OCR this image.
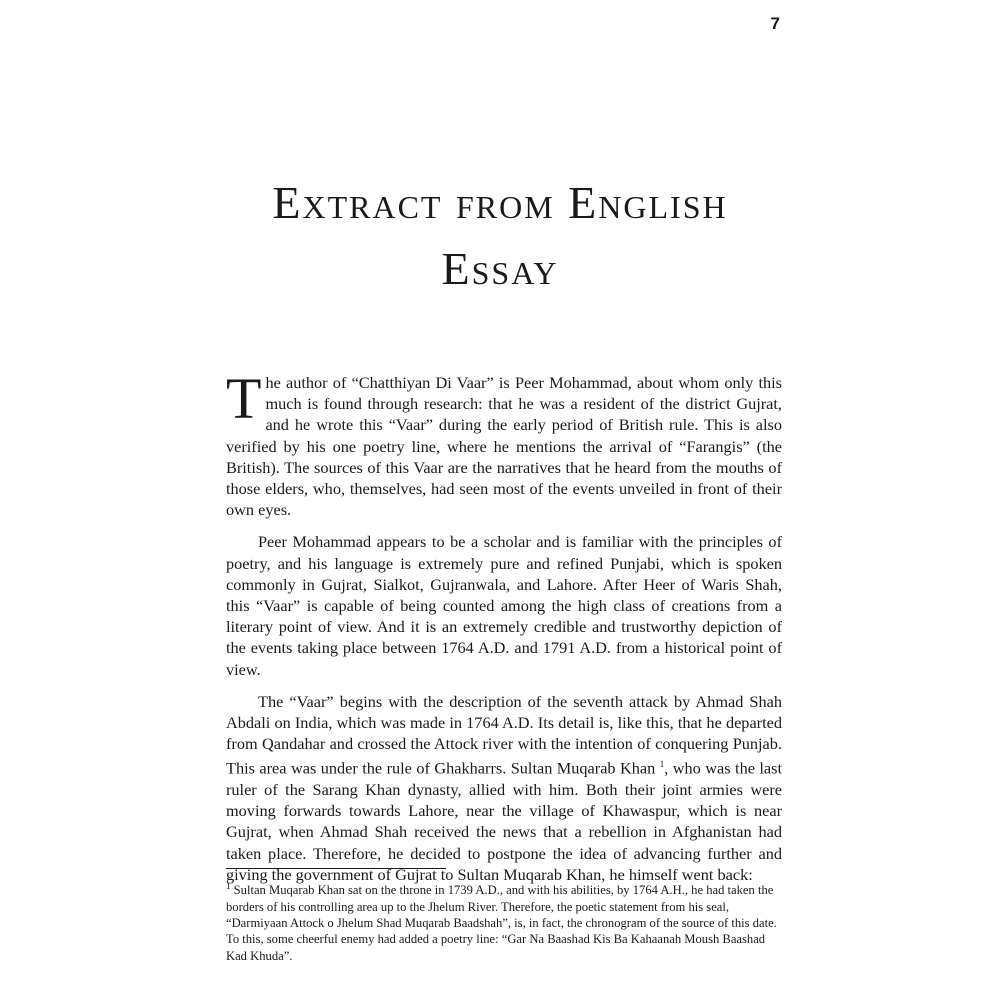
7
Extract from English
Essay

The author of “Chatthiyan Di Vaar” is Peer Mohammad, about whom only this much is found through research: that he was a resident of the district Gujrat, and he wrote this “Vaar” during the early period of British rule. This is also verified by his one poetry line, where he mentions the arrival of “Farangis” (the British). The sources of this Vaar are the narratives that he heard from the mouths of those elders, who, themselves, had seen most of the events unveiled in front of their own eyes.

Peer Mohammad appears to be a scholar and is familiar with the principles of poetry, and his language is extremely pure and refined Punjabi, which is spoken commonly in Gujrat, Sialkot, Gujranwala, and Lahore. After Heer of Waris Shah, this “Vaar” is capable of being counted among the high class of creations from a literary point of view. And it is an extremely credible and trustworthy depiction of the events taking place between 1764 A.D. and 1791 A.D. from a historical point of view.

The “Vaar” begins with the description of the seventh attack by Ahmad Shah Abdali on India, which was made in 1764 A.D. Its detail is, like this, that he departed from Qandahar and crossed the Attock river with the intention of conquering Punjab. This area was under the rule of Ghakharrs. Sultan Muqarab Khan $^1$, who was the last ruler of the Sarang Khan dynasty, allied with him. Both their joint armies were moving forwards towards Lahore, near the village of Khawaspur, which is near Gujrat, when Ahmad Shah received the news that a rebellion in Afghanistan had taken place. Therefore, he decided to postpone the idea of advancing further and giving the government of Gujrat to Sultan Muqarab Khan, he himself went back:

$^1$ Sultan Muqarab Khan sat on the throne in 1739 A.D., and with his abilities, by 1764 A.H., he had taken the borders of his controlling area up to the Jhelum River. Therefore, the poetic statement from his seal, “Darmiyaan Attock o Jhelum Shad Muqarab Baadshah”, is, in fact, the chronogram of the source of this date. To this, some cheerful enemy had added a poetry line: “Gar Na Baashad Kis Ba Kahaanah Moush Baashad Kad Khuda”.
